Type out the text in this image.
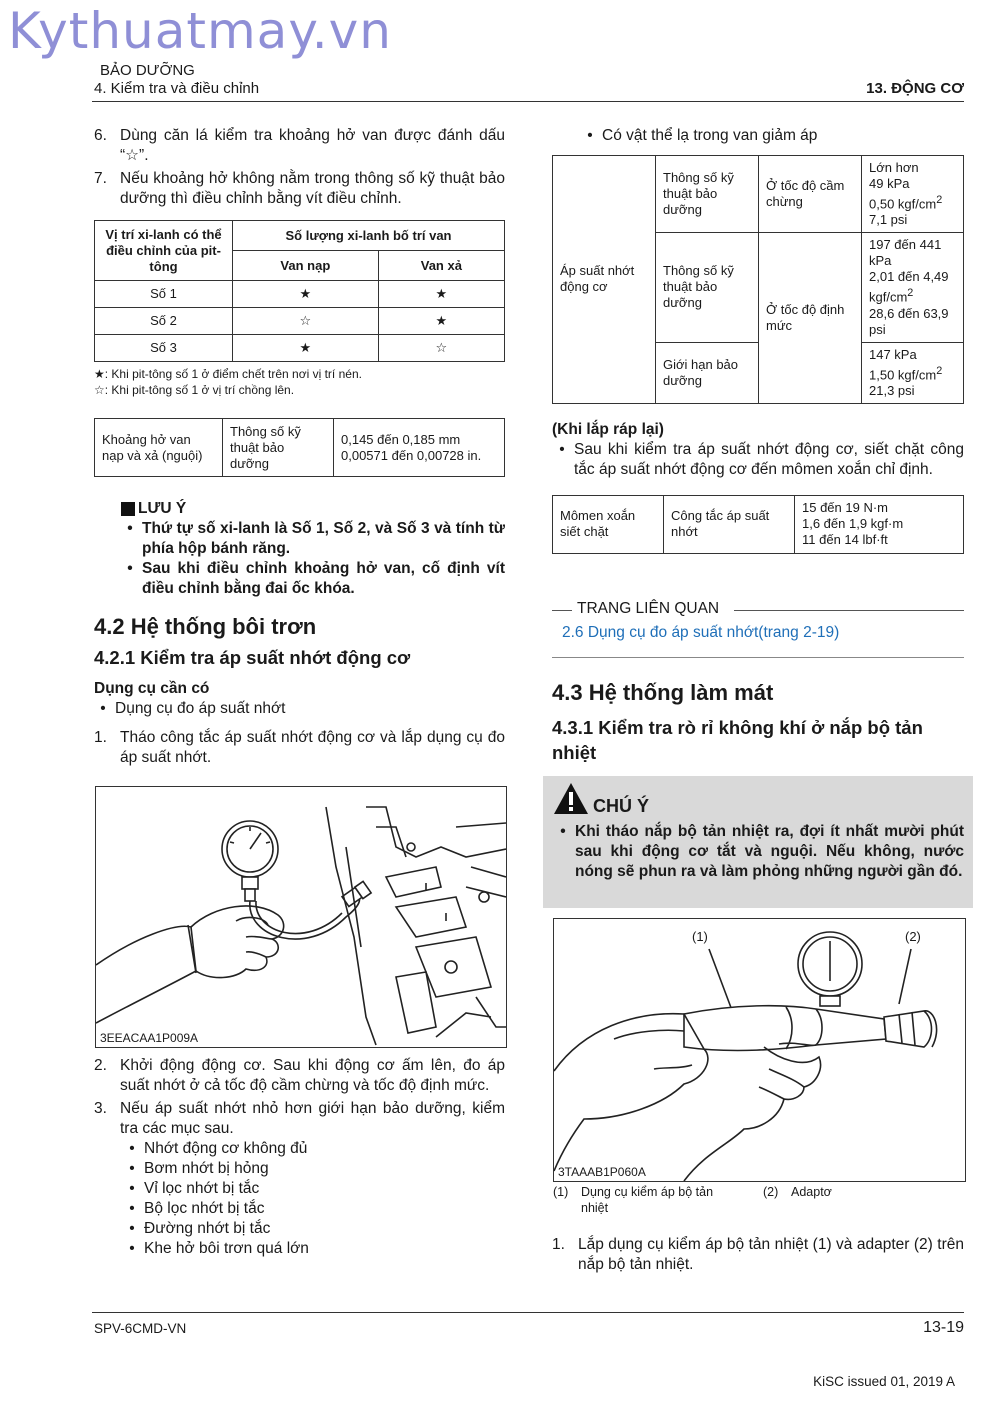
Kythuatmay.vn
BẢO DƯỠNG
4. Kiểm tra và điều chỉnh	13. ĐỘNG CƠ
6. Dùng căn lá kiểm tra khoảng hở van được đánh dấu “☆”.
7. Nếu khoảng hở không nằm trong thông số kỹ thuật bảo dưỡng thì điều chỉnh bằng vít điều chỉnh.
Vị trí xi-lanh có thể điều chỉnh của pit-tông	Số lượng xi-lanh bố trí van	
	Van nạp	Van xả
Số 1	★	★
Số 2	☆	★
Số 3	★	☆
★: Khi pit-tông số 1 ở điểm chết trên nơi vị trí nén.
☆: Khi pit-tông số 1 ở vị trí chồng lên.
Khoảng hở van nạp và xả (nguội)	Thông số kỹ thuật bảo dưỡng	
0,145 đến 0,185 mm
0,00571 đến 0,00728 in.
LƯU Ý
• Thứ tự số xi-lanh là Số 1, Số 2, và Số 3 và tính từ phía hộp bánh răng.
• Sau khi điều chỉnh khoảng hở van, cố định vít điều chỉnh bằng đai ốc khóa.
4.2 Hệ thống bôi trơn
4.2.1 Kiểm tra áp suất nhớt động cơ
Dụng cụ cần có
• Dụng cụ đo áp suất nhớt
1. Tháo công tắc áp suất nhớt động cơ và lắp dụng cụ đo áp suất nhớt.
3EEACAA1P009A
2. Khởi động động cơ. Sau khi động cơ ấm lên, đo áp suất nhớt ở cả tốc độ cầm chừng và tốc độ định mức.
3. Nếu áp suất nhớt nhỏ hơn giới hạn bảo dưỡng, kiểm tra các mục sau.
• Nhớt động cơ không đủ
• Bơm nhớt bị hỏng
• Vỉ lọc nhớt bị tắc
• Bộ lọc nhớt bị tắc
• Đường nhớt bị tắc
• Khe hở bôi trơn quá lớn
• Có vật thể lạ trong van giảm áp
Áp suất nhớt động cơ	Thông số kỹ thuật bảo dưỡng	Ở tốc độ cầm chừng	Lớn hơn
49 kPa
0,50 kgf/$cm^2$
7,1 psi

	Thông số kỹ thuật bảo dưỡng	Ở tốc độ định mức	197 đến 441 kPa
2,01 đến 4,49 kgf/$cm^2$
28,6 đến 63,9 psi

	Giới hạn bảo dưỡng		147 kPa
1,50 kgf/$cm^2$
21,3 psi
(Khi lắp ráp lại)
• Sau khi kiểm tra áp suất nhớt động cơ, siết chặt công tắc áp suất nhớt động cơ đến mômen xoắn chỉ định.
Mômen xoắn siết chặt	Công tắc áp suất nhớt	
15 đến 19 N·m
1,6 đến 1,9 kgf·m
11 đến 14 lbf·ft
TRANG LIÊN QUAN
2.6 Dụng cụ đo áp suất nhớt(trang 2-19)
4.3 Hệ thống làm mát
4.3.1 Kiểm tra rò rỉ không khí ở nắp bộ tản nhiệt
CHÚ Ý
• Khi tháo nắp bộ tản nhiệt ra, đợi ít nhất mười phút sau khi động cơ tắt và nguội. Nếu không, nước nóng sẽ phun ra và làm phỏng những người gần đó.
(1)	(2)
3TAAAB1P060A
(1)	Dụng cụ kiểm áp bộ tản nhiệt
(2)	Adaptơ
1. Lắp dụng cụ kiểm áp bộ tản nhiệt (1) và adapter (2) trên nắp bộ tản nhiệt.
SPV-6CMD-VN	13-19
KiSC issued 01, 2019 A
